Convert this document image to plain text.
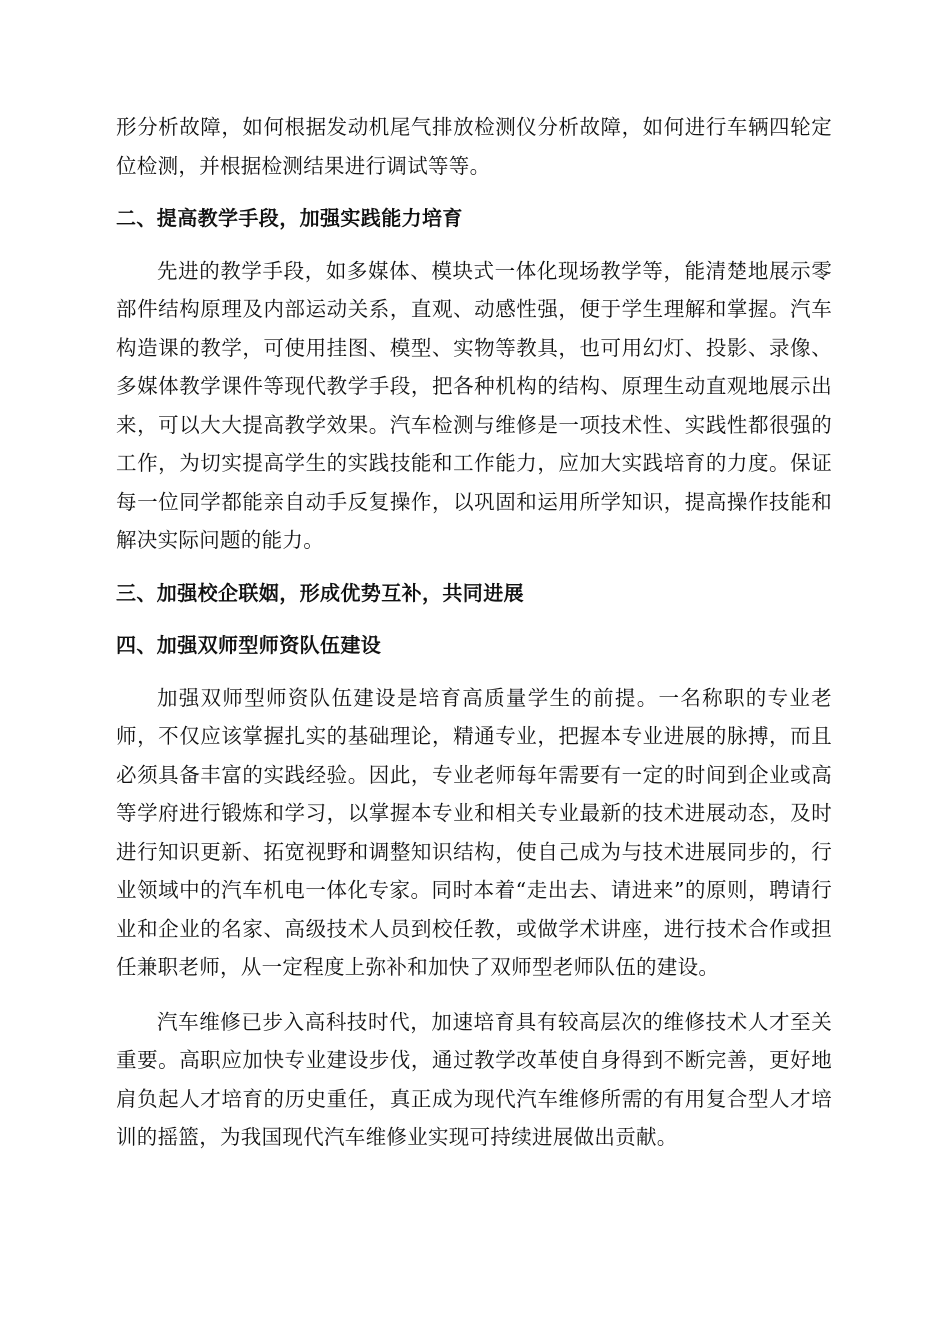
形分析故障，如何根据发动机尾气排放检测仪分析故障，如何进行车辆四轮定位检测，并根据检测结果进行调试等等。

二、提高教学手段，加强实践能力培育

先进的教学手段，如多媒体、模块式一体化现场教学等，能清楚地展示零部件结构原理及内部运动关系，直观、动感性强，便于学生理解和掌握。汽车构造课的教学，可使用挂图、模型、实物等教具，也可用幻灯、投影、录像、多媒体教学课件等现代教学手段，把各种机构的结构、原理生动直观地展示出来，可以大大提高教学效果。汽车检测与维修是一项技术性、实践性都很强的工作，为切实提高学生的实践技能和工作能力，应加大实践培育的力度。保证每一位同学都能亲自动手反复操作，以巩固和运用所学知识，提高操作技能和解决实际问题的能力。

三、加强校企联姻，形成优势互补，共同进展

四、加强双师型师资队伍建设

加强双师型师资队伍建设是培育高质量学生的前提。一名称职的专业老师，不仅应该掌握扎实的基础理论，精通专业，把握本专业进展的脉搏，而且必须具备丰富的实践经验。因此，专业老师每年需要有一定的时间到企业或高等学府进行锻炼和学习，以掌握本专业和相关专业最新的技术进展动态，及时进行知识更新、拓宽视野和调整知识结构，使自己成为与技术进展同步的，行业领域中的汽车机电一体化专家。同时本着“走出去、请进来”的原则，聘请行业和企业的名家、高级技术人员到校任教，或做学术讲座，进行技术合作或担任兼职老师，从一定程度上弥补和加快了双师型老师队伍的建设。

汽车维修已步入高科技时代，加速培育具有较高层次的维修技术人才至关重要。高职应加快专业建设步伐，通过教学改革使自身得到不断完善，更好地肩负起人才培育的历史重任，真正成为现代汽车维修所需的有用复合型人才培训的摇篮，为我国现代汽车维修业实现可持续进展做出贡献。
